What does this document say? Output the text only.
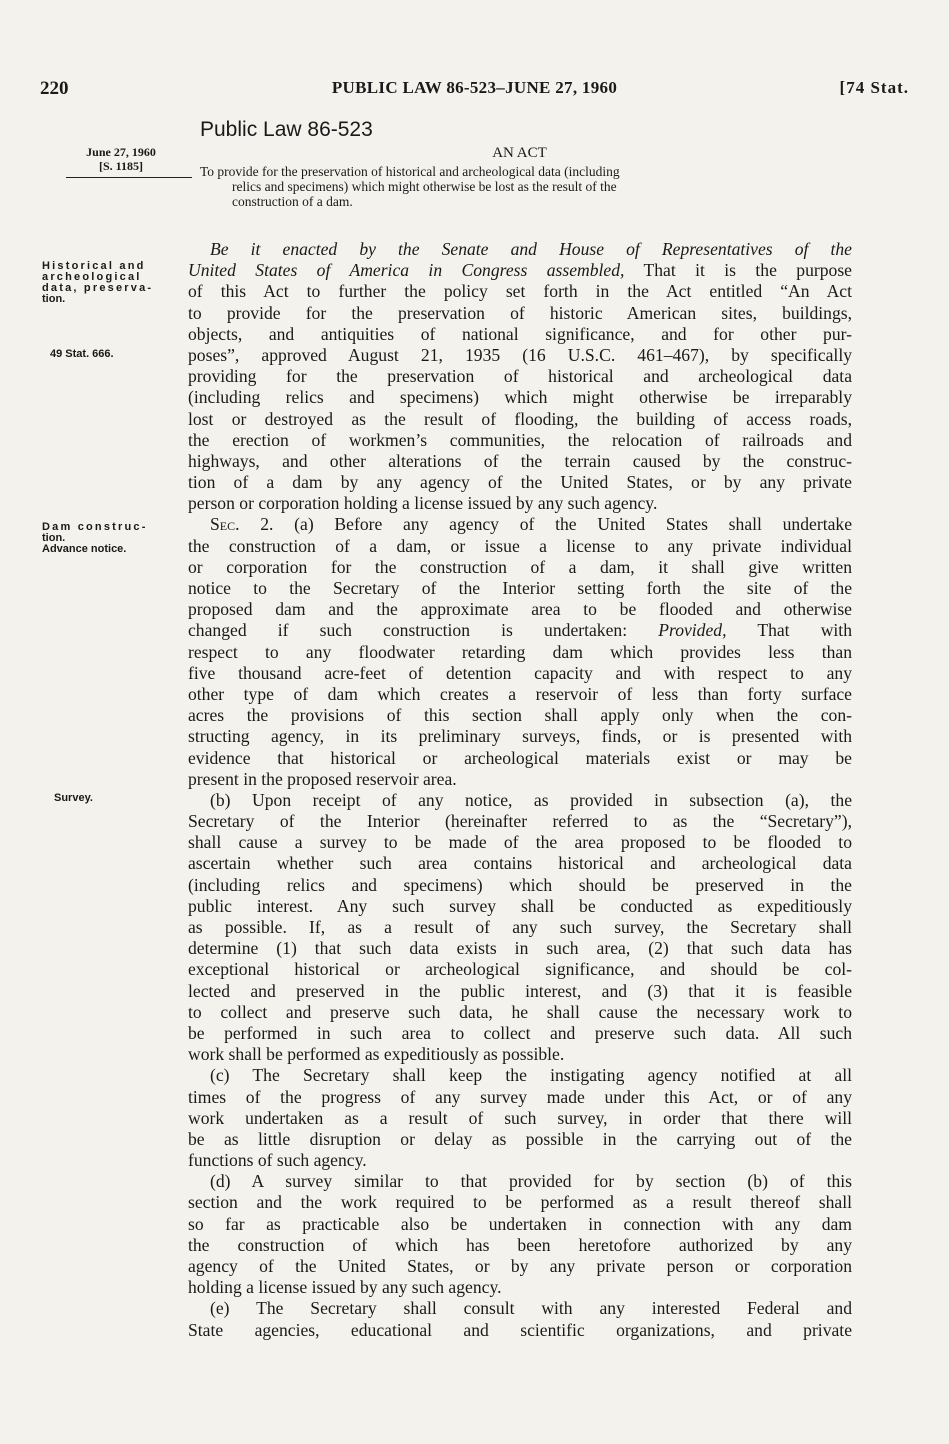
220	PUBLIC LAW 86-523–JUNE 27, 1960	[74 Stat.
Public Law 86-523
June 27, 1960
[S. 1185]
AN ACT
To provide for the preservation of historical and archeological data (including
relics and specimens) which might otherwise be lost as the result of the
construction of a dam.
Historical and
archeological
data, preserva-
tion.
49 Stat. 666.
Dam construc-
tion.
Advance notice.
Survey.
Be it enacted by the Senate and House of Representatives of the
United States of America in Congress assembled, That it is the purpose
of this Act to further the policy set forth in the Act entitled “An Act
to provide for the preservation of historic American sites, buildings,
objects, and antiquities of national significance, and for other pur-
poses”, approved August 21, 1935 (16 U.S.C. 461–467), by specifically
providing for the preservation of historical and archeological data
(including relics and specimens) which might otherwise be irreparably
lost or destroyed as the result of flooding, the building of access roads,
the erection of workmen’s communities, the relocation of railroads and
highways, and other alterations of the terrain caused by the construc-
tion of a dam by any agency of the United States, or by any private
person or corporation holding a license issued by any such agency.
Sec. 2. (a) Before any agency of the United States shall undertake
the construction of a dam, or issue a license to any private individual
or corporation for the construction of a dam, it shall give written
notice to the Secretary of the Interior setting forth the site of the
proposed dam and the approximate area to be flooded and otherwise
changed if such construction is undertaken: Provided, That with
respect to any floodwater retarding dam which provides less than
five thousand acre-feet of detention capacity and with respect to any
other type of dam which creates a reservoir of less than forty surface
acres the provisions of this section shall apply only when the con-
structing agency, in its preliminary surveys, finds, or is presented with
evidence that historical or archeological materials exist or may be
present in the proposed reservoir area.
(b) Upon receipt of any notice, as provided in subsection (a), the
Secretary of the Interior (hereinafter referred to as the “Secretary”),
shall cause a survey to be made of the area proposed to be flooded to
ascertain whether such area contains historical and archeological data
(including relics and specimens) which should be preserved in the
public interest. Any such survey shall be conducted as expeditiously
as possible. If, as a result of any such survey, the Secretary shall
determine (1) that such data exists in such area, (2) that such data has
exceptional historical or archeological significance, and should be col-
lected and preserved in the public interest, and (3) that it is feasible
to collect and preserve such data, he shall cause the necessary work to
be performed in such area to collect and preserve such data. All such
work shall be performed as expeditiously as possible.
(c) The Secretary shall keep the instigating agency notified at all
times of the progress of any survey made under this Act, or of any
work undertaken as a result of such survey, in order that there will
be as little disruption or delay as possible in the carrying out of the
functions of such agency.
(d) A survey similar to that provided for by section (b) of this
section and the work required to be performed as a result thereof shall
so far as practicable also be undertaken in connection with any dam
the construction of which has been heretofore authorized by any
agency of the United States, or by any private person or corporation
holding a license issued by any such agency.
(e) The Secretary shall consult with any interested Federal and
State agencies, educational and scientific organizations, and private
